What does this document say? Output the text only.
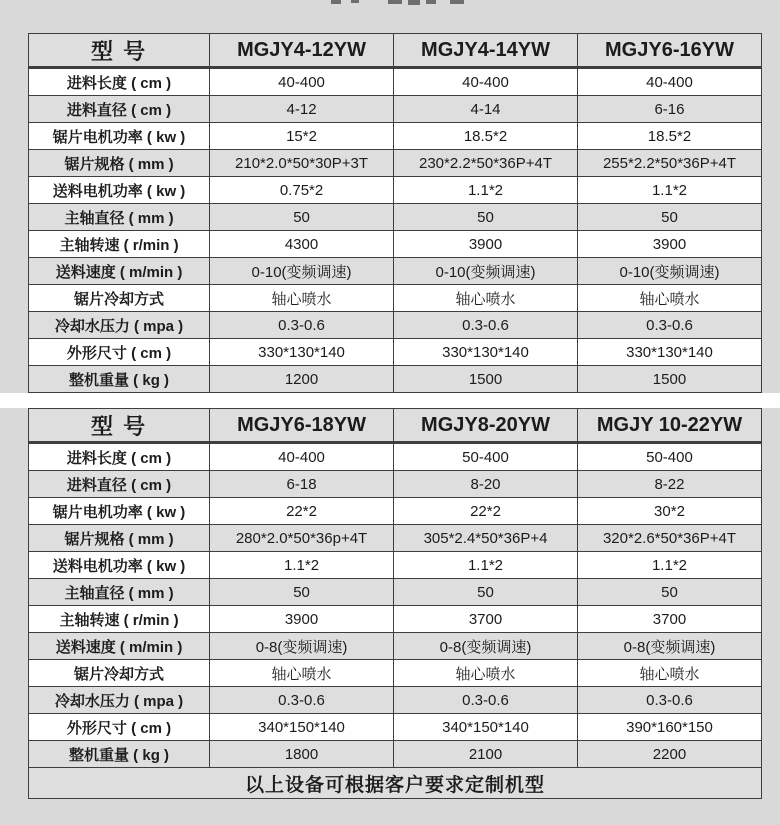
型 号	MGJY4-12YW	MGJY4-14YW	MGJY6-16YW
进料长度 ( cm )	40-400	40-400	40-400
进料直径 ( cm )	4-12	4-14	6-16
锯片电机功率 ( kw )	15*2	18.5*2	18.5*2
锯片规格 ( mm )	210*2.0*50*30P+3T	230*2.2*50*36P+4T	255*2.2*50*36P+4T
送料电机功率 ( kw )	0.75*2	1.1*2	1.1*2
主轴直径 ( mm )	50	50	50
主轴转速 ( r/min )	4300	3900	3900
送料速度 ( m/min )	0-10(变频调速)	0-10(变频调速)	0-10(变频调速)
锯片冷却方式	轴心喷水	轴心喷水	轴心喷水
冷却水压力 ( mpa )	0.3-0.6	0.3-0.6	0.3-0.6
外形尺寸 ( cm )	330*130*140	330*130*140	330*130*140
整机重量 ( kg )	1200	1500	1500
型 号	MGJY6-18YW	MGJY8-20YW	MGJY 10-22YW
进料长度 ( cm )	40-400	50-400	50-400
进料直径 ( cm )	6-18	8-20	8-22
锯片电机功率 ( kw )	22*2	22*2	30*2
锯片规格 ( mm )	280*2.0*50*36p+4T	305*2.4*50*36P+4	320*2.6*50*36P+4T
送料电机功率 ( kw )	1.1*2	1.1*2	1.1*2
主轴直径 ( mm )	50	50	50
主轴转速 ( r/min )	3900	3700	3700
送料速度 ( m/min )	0-8(变频调速)	0-8(变频调速)	0-8(变频调速)
锯片冷却方式	轴心喷水	轴心喷水	轴心喷水
冷却水压力 ( mpa )	0.3-0.6	0.3-0.6	0.3-0.6
外形尺寸 ( cm )	340*150*140	340*150*140	390*160*150
整机重量 ( kg )	1800	2100	2200
以上设备可根据客户要求定制机型			
